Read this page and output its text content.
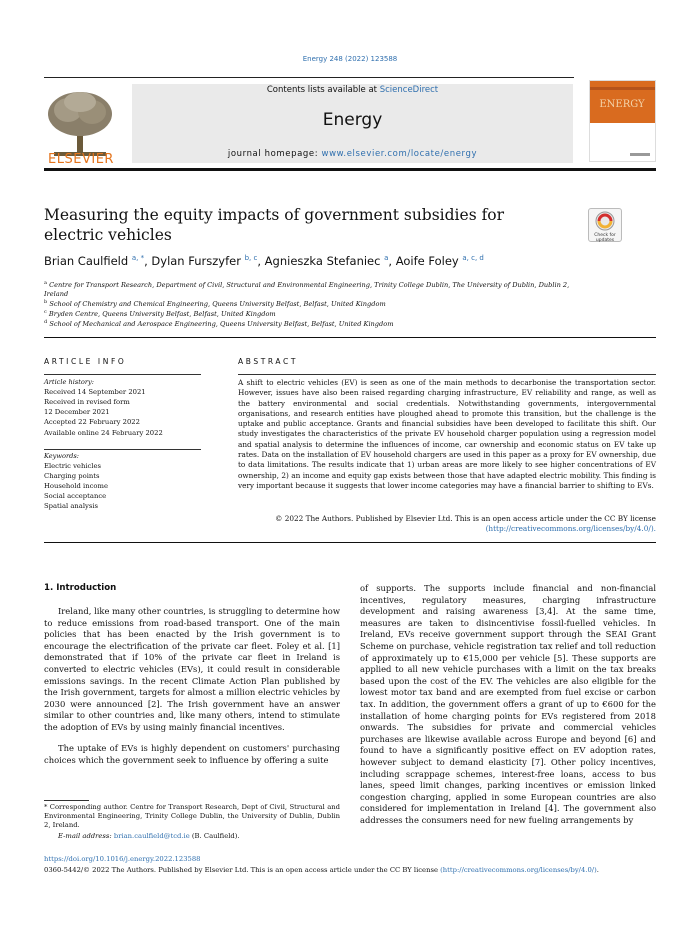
Energy 248 (2022) 123588
ELSEVIER
Contents lists available at ScienceDirect
Energy
journal homepage: www.elsevier.com/locate/energy
ENERGY
Measuring the equity impacts of government subsidies for electric vehicles	Check for updates
Brian Caulfield $^{a, *}$, Dylan Furszyfer $^{b, c}$, Agnieszka Stefaniec $^a$, Aoife Foley $^{a, c, d}$
$^a$ Centre for Transport Research, Department of Civil, Structural and Environmental Engineering, Trinity College Dublin, The University of Dublin, Dublin 2, Ireland
$^b$ School of Chemistry and Chemical Engineering, Queens University Belfast, Belfast, United Kingdom
$^c$ Bryden Centre, Queens University Belfast, Belfast, United Kingdom
$^d$ School of Mechanical and Aerospace Engineering, Queens University Belfast, Belfast, United Kingdom
ARTICLE INFO
Article history:
Received 14 September 2021
Received in revised form
12 December 2021
Accepted 22 February 2022
Available online 24 February 2022
Keywords:
Electric vehicles
Charging points
Household income
Social acceptance
Spatial analysis
ABSTRACT
A shift to electric vehicles (EV) is seen as one of the main methods to decarbonise the transportation sector. However, issues have also been raised regarding charging infrastructure, EV reliability and range, as well as the battery environmental and social credentials. Notwithstanding governments, intergovernmental organisations, and research entities have ploughed ahead to promote this transition, but the challenge is the uptake and public acceptance. Grants and financial subsidies have been developed to facilitate this shift. Our study investigates the characteristics of the private EV household charger population using a regression model and spatial analysis to determine the influences of income, car ownership and economic status on EV take up rates. Data on the installation of EV household chargers are used in this paper as a proxy for EV ownership, due to data limitations. The results indicate that 1) urban areas are more likely to see higher concentrations of EV ownership, 2) an income and equity gap exists between those that have adapted electric mobility. This finding is very important because it suggests that lower income categories may have a financial barrier to shifting to EVs.
© 2022 The Authors. Published by Elsevier Ltd. This is an open access article under the CC BY license
(http://creativecommons.org/licenses/by/4.0/).
1. Introduction
Ireland, like many other countries, is struggling to determine how to reduce emissions from road-based transport. One of the main policies that has been enacted by the Irish government is to encourage the electrification of the private car fleet. Foley et al. [1] demonstrated that if 10% of the private car fleet in Ireland is converted to electric vehicles (EVs), it could result in considerable emissions savings. In the recent Climate Action Plan published by the Irish government, targets for almost a million electric vehicles by 2030 were announced [2]. The Irish government have an answer similar to other countries and, like many others, intend to stimulate the adoption of EVs by using mainly financial incentives.
The uptake of EVs is highly dependent on customers' purchasing choices which the government seek to influence by offering a suite
of supports. The supports include financial and non-financial incentives, regulatory measures, charging infrastructure development and raising awareness [3,4]. At the same time, measures are taken to disincentivise fossil-fuelled vehicles. In Ireland, EVs receive government support through the SEAI Grant Scheme on purchase, vehicle registration tax relief and toll reduction of approximately up to €15,000 per vehicle [5]. These supports are applied to all new vehicle purchases with a limit on the tax breaks based upon the cost of the EV. The vehicles are also eligible for the lowest motor tax band and are exempted from fuel excise or carbon tax. In addition, the government offers a grant of up to €600 for the installation of home charging points for EVs registered from 2018 onwards. The subsidies for private and commercial vehicles purchases are likewise available across Europe and beyond [6] and found to have a significantly positive effect on EV adoption rates, however subject to demand elasticity [7]. Other policy incentives, including scrappage schemes, interest-free loans, access to bus lanes, speed limit changes, parking incentives or emission linked congestion charging, applied in some European countries are also considered for implementation in Ireland [4]. The government also addresses the consumers need for new fueling arrangements by
* Corresponding author. Centre for Transport Research, Dept of Civil, Structural and Environmental Engineering, Trinity College Dublin, the University of Dublin, Dublin 2, Ireland.
E-mail address: brian.caulfield@tcd.ie (B. Caulfield).
https://doi.org/10.1016/j.energy.2022.123588
0360-5442/© 2022 The Authors. Published by Elsevier Ltd. This is an open access article under the CC BY license (http://creativecommons.org/licenses/by/4.0/).
